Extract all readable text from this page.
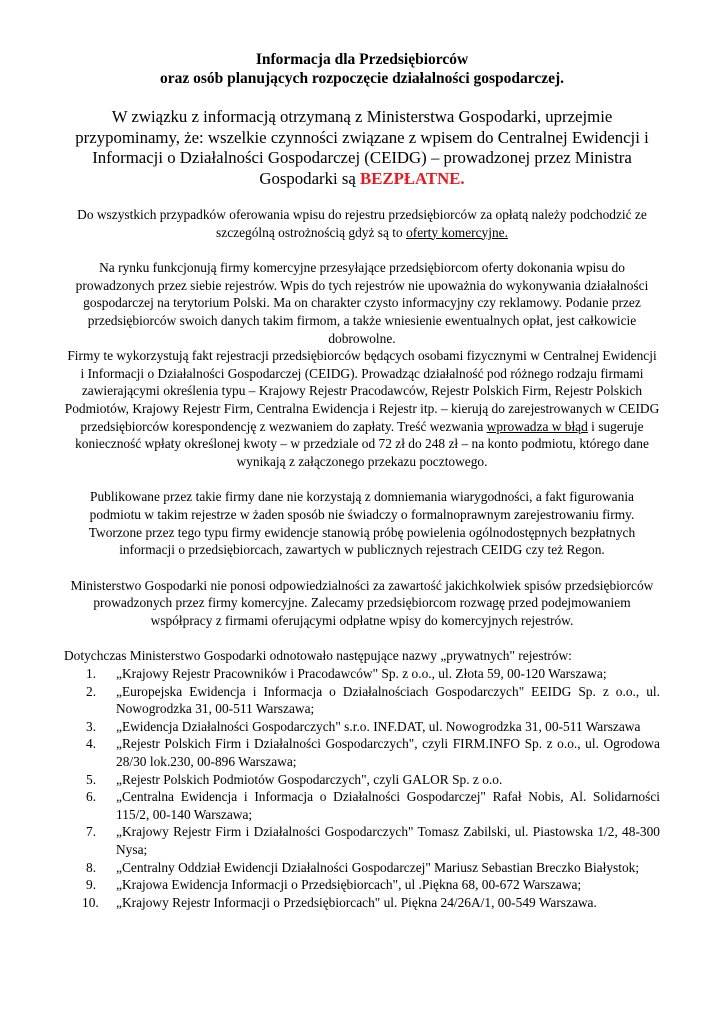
Informacja dla Przedsiębiorców
oraz osób planujących rozpoczęcie działalności gospodarczej.

W związku z informacją otrzymaną z Ministerstwa Gospodarki, uprzejmie przypominamy, że: wszelkie czynności związane z wpisem do Centralnej Ewidencji i Informacji o Działalności Gospodarczej (CEIDG) – prowadzonej przez Ministra Gospodarki są BEZPŁATNE.

Do wszystkich przypadków oferowania wpisu do rejestru przedsiębiorców za opłatą należy podchodzić ze szczególną ostrożnością gdyż są to oferty komercyjne.

Na rynku funkcjonują firmy komercyjne przesyłające przedsiębiorcom oferty dokonania wpisu do prowadzonych przez siebie rejestrów. Wpis do tych rejestrów nie upoważnia do wykonywania działalności gospodarczej na terytorium Polski. Ma on charakter czysto informacyjny czy reklamowy. Podanie przez przedsiębiorców swoich danych takim firmom, a także wniesienie ewentualnych opłat, jest całkowicie dobrowolne.

Firmy te wykorzystują fakt rejestracji przedsiębiorców będących osobami fizycznymi w Centralnej Ewidencji i Informacji o Działalności Gospodarczej (CEIDG). Prowadząc działalność pod różnego rodzaju firmami zawierającymi określenia typu – Krajowy Rejestr Pracodawców, Rejestr Polskich Firm, Rejestr Polskich Podmiotów, Krajowy Rejestr Firm, Centralna Ewidencja i Rejestr itp. – kierują do zarejestrowanych w CEIDG przedsiębiorców korespondencję z wezwaniem do zapłaty. Treść wezwania wprowadza w błąd i sugeruje konieczność wpłaty określonej kwoty – w przedziale od 72 zł do 248 zł – na konto podmiotu, którego dane wynikają z załączonego przekazu pocztowego.

Publikowane przez takie firmy dane nie korzystają z domniemania wiarygodności, a fakt figurowania podmiotu w takim rejestrze w żaden sposób nie świadczy o formalnoprawnym zarejestrowaniu firmy. Tworzone przez tego typu firmy ewidencje stanowią próbę powielenia ogólnodostępnych bezpłatnych informacji o przedsiębiorcach, zawartych w publicznych rejestrach CEIDG czy też Regon.

Ministerstwo Gospodarki nie ponosi odpowiedzialności za zawartość jakichkolwiek spisów przedsiębiorców prowadzonych przez firmy komercyjne. Zalecamy przedsiębiorcom rozwagę przed podejmowaniem współpracy z firmami oferującymi odpłatne wpisy do komercyjnych rejestrów.

Dotychczas Ministerstwo Gospodarki odnotowało następujące nazwy „prywatnych" rejestrów:

1.	„Krajowy Rejestr Pracowników i Pracodawców" Sp. z o.o., ul. Złota 59, 00-120 Warszawa;
2.	„Europejska Ewidencja i Informacja o Działalnościach Gospodarczych" EEIDG Sp. z o.o., ul. Nowogrodzka 31, 00-511 Warszawa;
3.	„Ewidencja Działalności Gospodarczych" s.r.o. INF.DAT, ul. Nowogrodzka 31, 00-511 Warszawa
4.	„Rejestr Polskich Firm i Działalności Gospodarczych", czyli FIRM.INFO Sp. z o.o., ul. Ogrodowa 28/30 lok.230, 00-896 Warszawa;
5.	„Rejestr Polskich Podmiotów Gospodarczych", czyli GALOR Sp. z o.o.
6.	„Centralna Ewidencja i Informacja o Działalności Gospodarczej" Rafał Nobis, Al. Solidarności 115/2, 00-140 Warszawa;
7.	„Krajowy Rejestr Firm i Działalności Gospodarczych" Tomasz Zabilski, ul. Piastowska 1/2, 48-300 Nysa;
8.	„Centralny Oddział Ewidencji Działalności Gospodarczej" Mariusz Sebastian Breczko Białystok;
9.	„Krajowa Ewidencja Informacji o Przedsiębiorcach", ul .Piękna 68, 00-672 Warszawa;
10.	„Krajowy Rejestr Informacji o Przedsiębiorcach" ul. Piękna 24/26A/1, 00-549 Warszawa.
